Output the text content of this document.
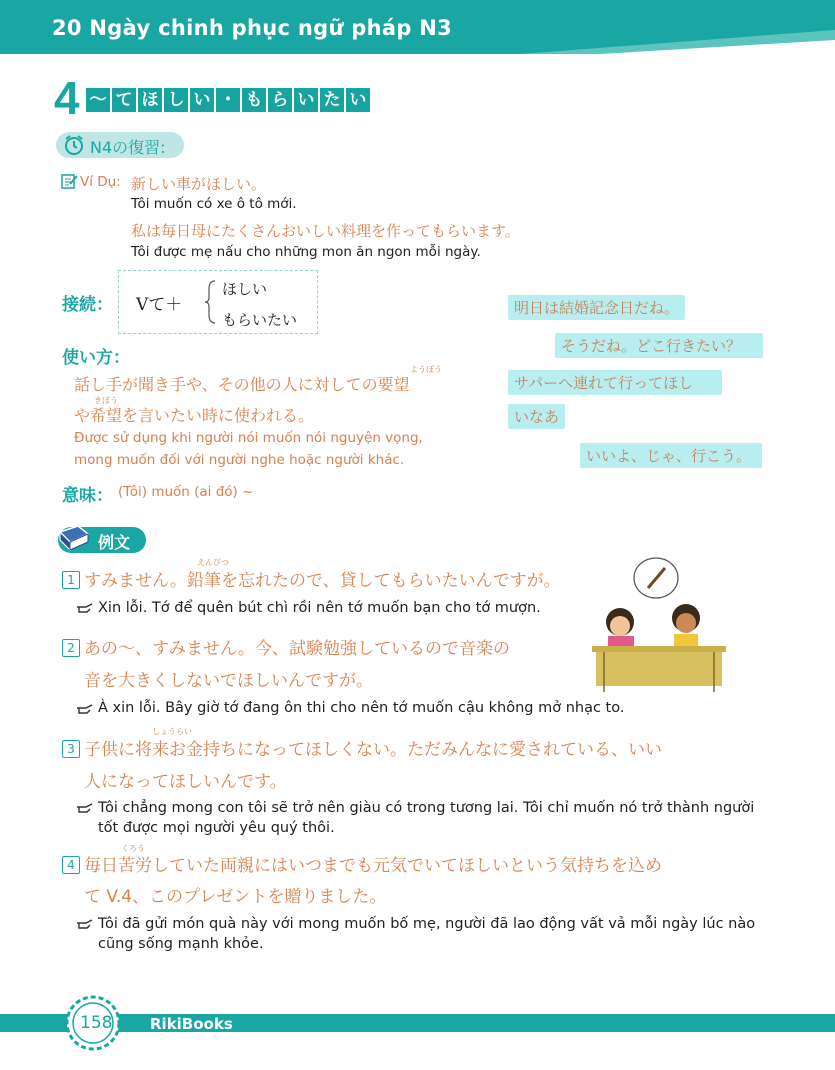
20 Ngày chinh phục ngữ pháp N3
4 〜 て ほ し い ・ も ら い た い
N4の復習:
Ví Dụ: 新しい車がほしい。
Tôi muốn có xe ô tô mới.
私は毎日母にたくさんおいしい料理を作ってもらいます。
Tôi được mẹ nấu cho những mon ăn ngon mỗi ngày.
接続： Vて＋
ほしい
もらいたい
使い方：
ようぼう
話し手が聞き手や、その他の人に対しての要望
きぼう
や希望を言いたい時に使われる。
Được sử dụng khi người nói muốn nói nguyện vọng,
mong muốn đối với người nghe hoặc người khác.
意味： (Tôi) muốn (ai đó) ~
明日は結婚記念日だね。
そうだね。どこ行きたい？
サパーへ連れて行ってほし
いなあ
いいよ、じゃ、行こう。
例文
えんぴつ
1 すみません。鉛筆を忘れたので、貸してもらいたいんですが。
Xin lỗi. Tớ để quên bút chì rồi nên tớ muốn bạn cho tớ mượn.
2 あの〜、すみません。今、試験勉強しているので音楽の
音を大きくしないでほしいんですが。
À xin lỗi. Bây giờ tớ đang ôn thi cho nên tớ muốn cậu không mở nhạc to.
しょうらい
3 子供に将来お金持ちになってほしくない。ただみんなに愛されている、いい
人になってほしいんです。
Tôi chẳng mong con tôi sẽ trở nên giàu có trong tương lai. Tôi chỉ muốn nó trở thành người tốt được mọi người yêu quý thôi.
くろう
4 毎日苦労していた両親にはいつまでも元気でいてほしいという気持ちを込め
て V.4、このプレゼントを贈りました。
Tôi đã gửi món quà này với mong muốn bố mẹ, người đã lao động vất vả mỗi ngày lúc nào cũng sống mạnh khỏe.
158	RikiBooks
